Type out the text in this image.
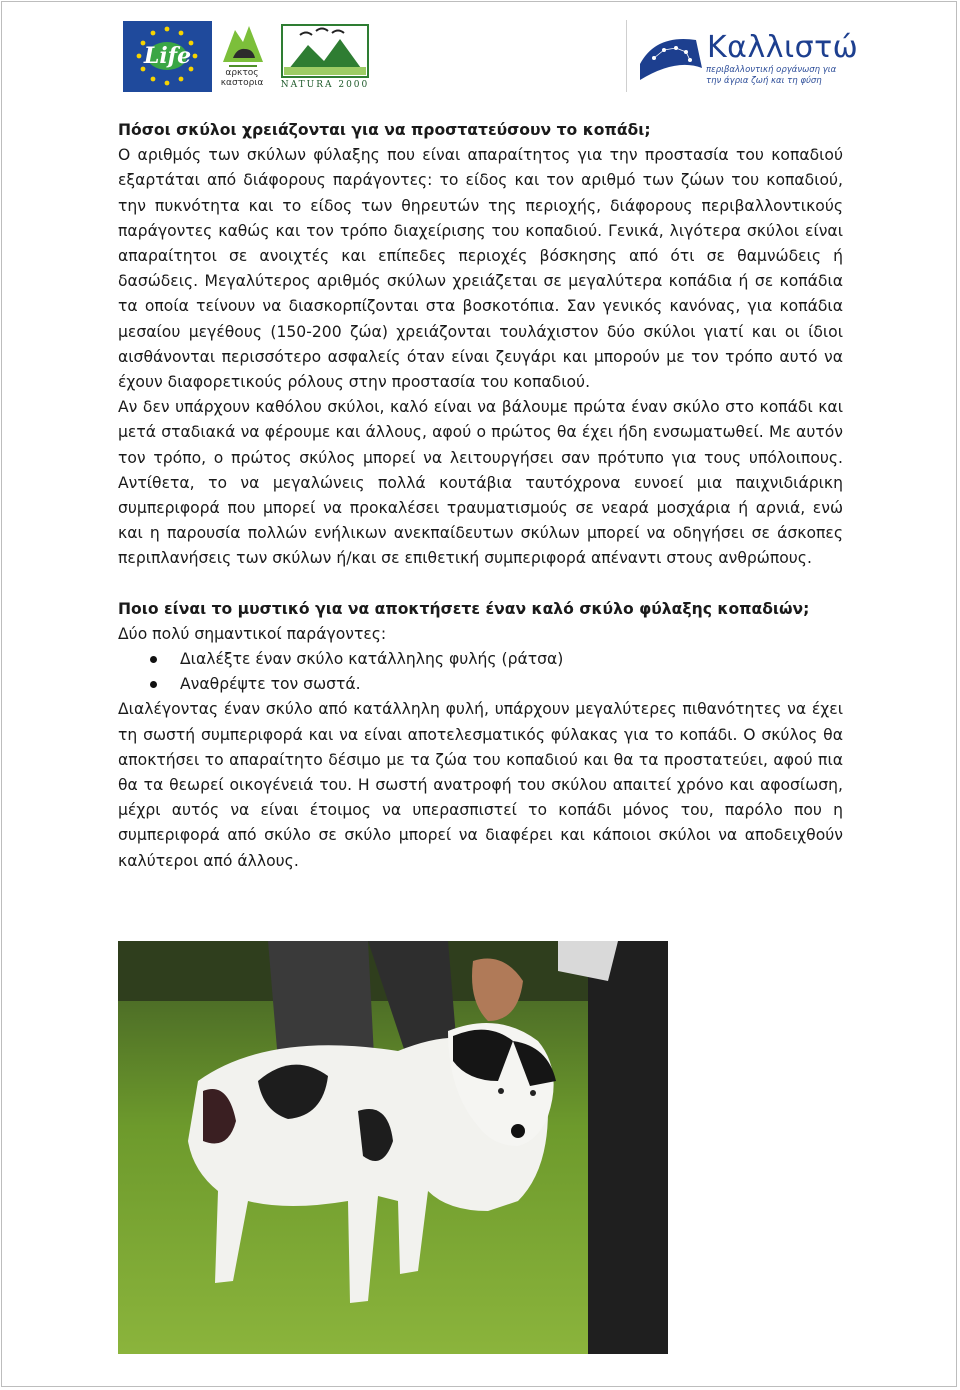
Life
αρκτος καστορια	NATURA 2000
Καλλιστώ
περιβαλλοντική οργάνωση για την άγρια ζωή και τη φύση

Πόσοι σκύλοι χρειάζονται για να προστατεύσουν το κοπάδι;

Ο αριθμός των σκύλων φύλαξης που είναι απαραίτητος για την προστασία του κοπαδιού εξαρτάται από διάφορους παράγοντες: το είδος και τον αριθμό των ζώων του κοπαδιού, την πυκνότητα και το είδος των θηρευτών της περιοχής, διάφορους περιβαλλοντικούς παράγοντες καθώς και τον τρόπο διαχείρισης του κοπαδιού. Γενικά, λιγότερα σκύλοι είναι απαραίτητοι σε ανοιχτές και επίπεδες περιοχές βόσκησης από ότι σε θαμνώδεις ή δασώδεις. Μεγαλύτερος αριθμός σκύλων χρειάζεται σε μεγαλύτερα κοπάδια ή σε κοπάδια τα οποία τείνουν να διασκορπίζονται στα βοσκοτόπια. Σαν γενικός κανόνας, για κοπάδια μεσαίου μεγέθους (150-200 ζώα) χρειάζονται τουλάχιστον δύο σκύλοι γιατί και οι ίδιοι αισθάνονται περισσότερο ασφαλείς όταν είναι ζευγάρι και μπορούν με τον τρόπο αυτό να έχουν διαφορετικούς ρόλους στην προστασία του κοπαδιού.

Αν δεν υπάρχουν καθόλου σκύλοι, καλό είναι να βάλουμε πρώτα έναν σκύλο στο κοπάδι και μετά σταδιακά να φέρουμε και άλλους, αφού ο πρώτος θα έχει ήδη ενσωματωθεί. Με αυτόν τον τρόπο, ο πρώτος σκύλος μπορεί να λειτουργήσει σαν πρότυπο για τους υπόλοιπους. Αντίθετα, το να μεγαλώνεις πολλά κουτάβια ταυτόχρονα ευνοεί μια παιχνιδιάρικη συμπεριφορά που μπορεί να προκαλέσει τραυματισμούς σε νεαρά μοσχάρια ή αρνιά, ενώ και η παρουσία πολλών ενήλικων ανεκπαίδευτων σκύλων μπορεί να οδηγήσει σε άσκοπες περιπλανήσεις των σκύλων ή/και σε επιθετική συμπεριφορά απέναντι στους ανθρώπους.

Ποιο είναι το μυστικό για να αποκτήσετε έναν καλό σκύλο φύλαξης κοπαδιών;

Δύο πολύ σημαντικοί παράγοντες:

Διαλέξτε έναν σκύλο κατάλληλης φυλής (ράτσα)
Αναθρέψτε τον σωστά.

Διαλέγοντας έναν σκύλο από κατάλληλη φυλή, υπάρχουν μεγαλύτερες πιθανότητες να έχει τη σωστή συμπεριφορά και να είναι αποτελεσματικός φύλακας για το κοπάδι. Ο σκύλος θα αποκτήσει το απαραίτητο δέσιμο με τα ζώα του κοπαδιού και θα τα προστατεύει, αφού πια θα τα θεωρεί οικογένειά του. Η σωστή ανατροφή του σκύλου απαιτεί χρόνο και αφοσίωση, μέχρι αυτός να είναι έτοιμος να υπερασπιστεί το κοπάδι μόνος του, παρόλο που η συμπεριφορά από σκύλο σε σκύλο μπορεί να διαφέρει και κάποιοι σκύλοι να αποδειχθούν καλύτεροι από άλλους.
